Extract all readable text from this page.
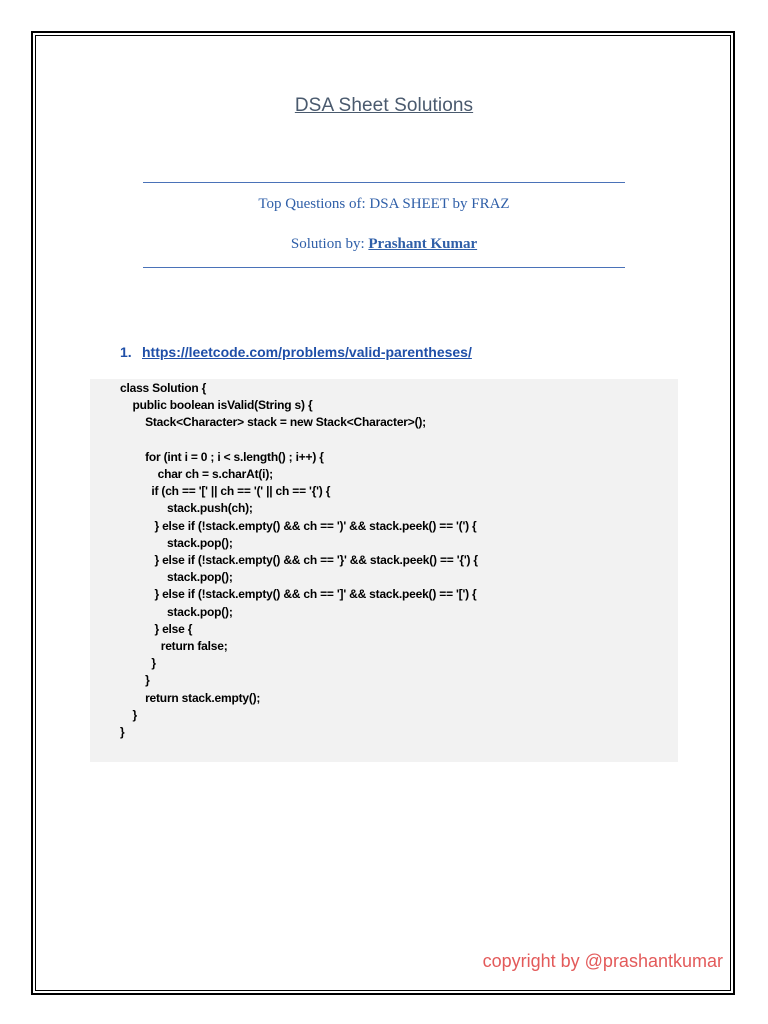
DSA Sheet Solutions
Top Questions of: DSA SHEET by FRAZ
Solution by: Prashant Kumar
1. https://leetcode.com/problems/valid-parentheses/
class Solution {
public boolean isValid(String s) {
Stack<Character> stack = new Stack<Character>();
for (int i = 0 ; i < s.length() ; i++) {
char ch = s.charAt(i);
if (ch == '[' || ch == '(' || ch == '{') {
stack.push(ch);
} else if (!stack.empty() && ch == ')' && stack.peek() == '(') {
stack.pop();
} else if (!stack.empty() && ch == '}' && stack.peek() == '{') {
stack.pop();
} else if (!stack.empty() && ch == ']' && stack.peek() == '[') {
stack.pop();
} else {
return false;
}
}
return stack.empty();
}
}
copyright by @prashantkumar
